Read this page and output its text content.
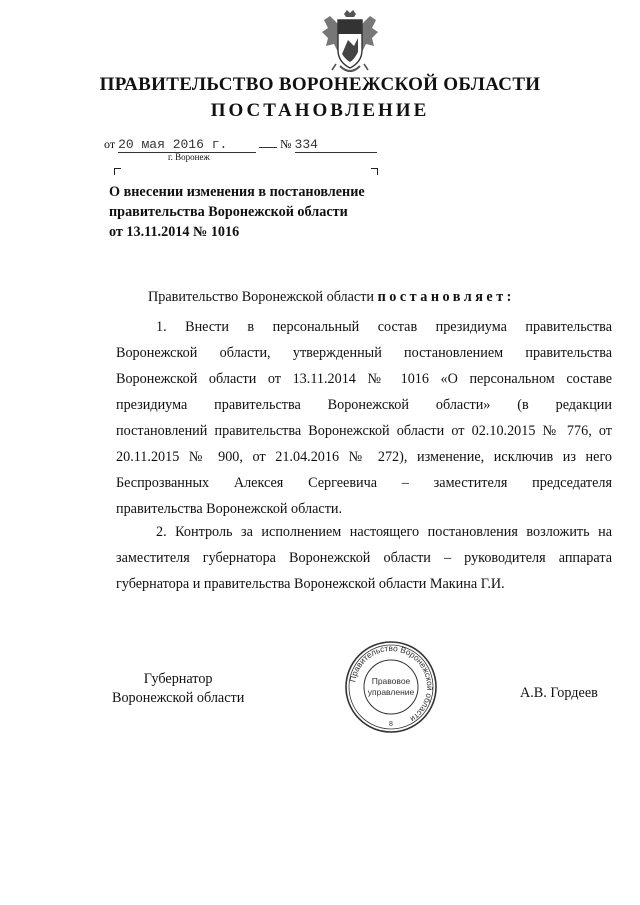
ПРАВИТЕЛЬСТВО ВОРОНЕЖСКОЙ ОБЛАСТИ
ПОСТАНОВЛЕНИЕ
от 20 мая 2016 г.	№ 334
г. Воронеж
О внесении изменения в постановление
правительства Воронежской области
от 13.11.2014 № 1016
Правительство Воронежской области постановляет:
1. Внести в персональный состав президиума правительства
Воронежской области, утвержденный постановлением правительства
Воронежской области от 13.11.2014 № 1016 «О персональном составе
президиума правительства Воронежской области» (в редакции
постановлений правительства Воронежской области от 02.10.2015 № 776, от
20.11.2015 № 900, от 21.04.2016 № 272), изменение, исключив из него
Беспрозванных Алексея Сергеевича – заместителя председателя
правительства Воронежской области.
2. Контроль за исполнением настоящего постановления возложить на
заместителя губернатора Воронежской области – руководителя аппарата
губернатора и правительства Воронежской области Макина Г.И.
Губернатор
Воронежской области	А.В. Гордеев
Правительство Воронежской области
Правовое
управление
8
